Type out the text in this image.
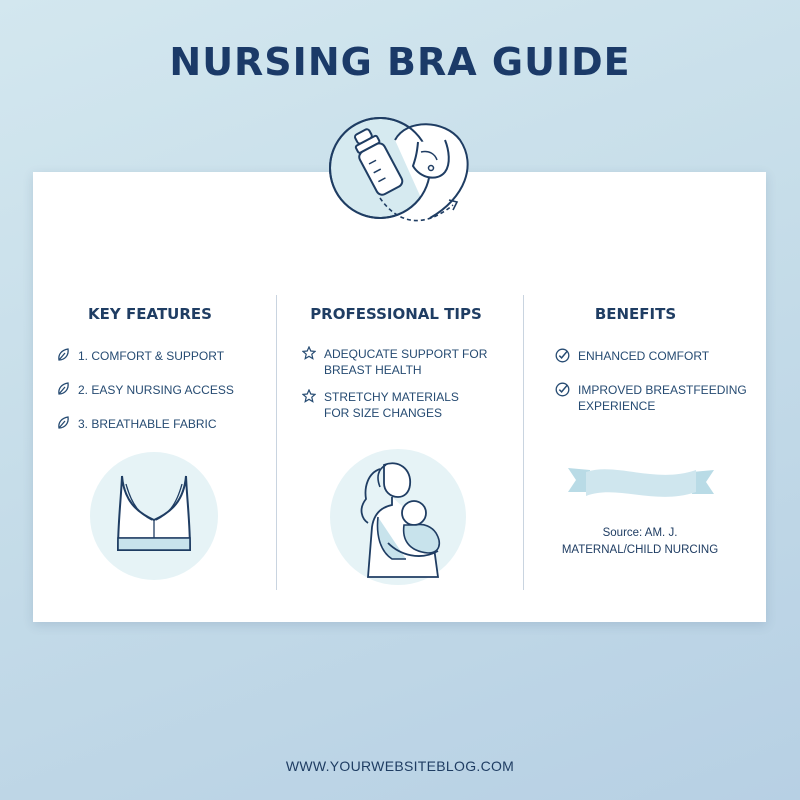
NURSING BRA GUIDE
KEY FEATURES
1. COMFORT & SUPPORT
2. EASY NURSING ACCESS
3. BREATHABLE FABRIC
PROFESSIONAL TIPS
ADEQUCATE SUPPORT FOR
BREAST HEALTH
STRETCHY MATERIALS
FOR SIZE CHANGES
BENEFITS
ENHANCED COMFORT
IMPROVED BREASTFEEDING EXPERIENCE
Source: AM. J.
MATERNAL/CHILD NURCING
WWW.YOURWEBSITEBLOG.COM
